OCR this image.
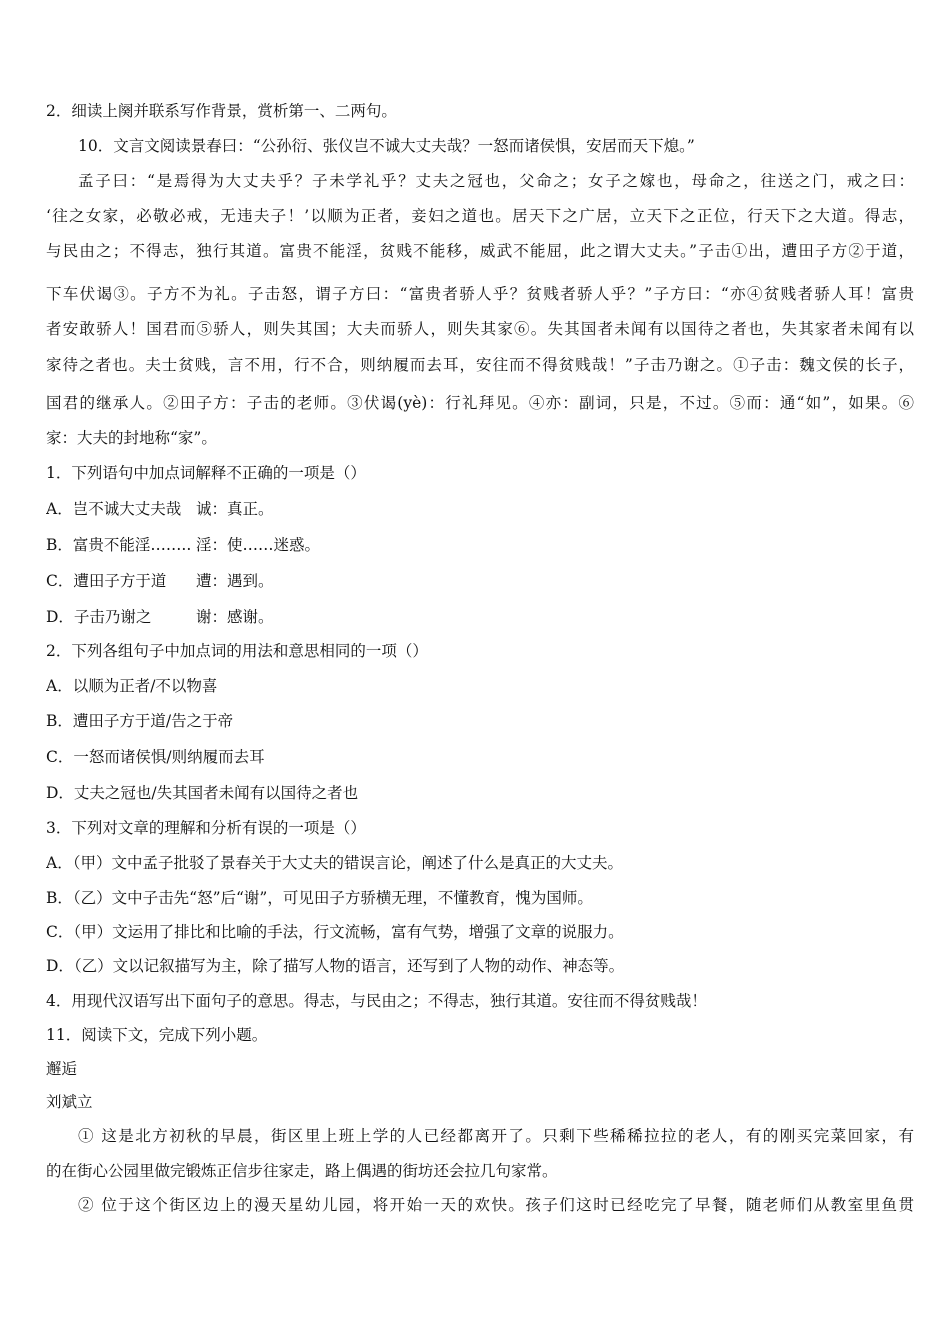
2．细读上阕并联系写作背景，赏析第一、二两句。
10．文言文阅读景春曰：“公孙衍、张仪岂不诚大丈夫哉？一怒而诸侯惧，安居而天下熄。”
孟子曰：“是焉得为大丈夫乎？子未学礼乎？丈夫之冠也，父命之；女子之嫁也，母命之，往送之门，戒之曰：
‘往之女家，必敬必戒，无违夫子！’以顺为正者，妾妇之道也。居天下之广居，立天下之正位，行天下之大道。得志，
与民由之；不得志，独行其道。富贵不能淫，贫贱不能移，威武不能屈，此之谓大丈夫。”子击①出，遭田子方②于道，
下车伏谒③。子方不为礼。子击怒，谓子方曰：“富贵者骄人乎？贫贱者骄人乎？”子方曰：“亦④贫贱者骄人耳！富贵
者安敢骄人！国君而⑤骄人，则失其国；大夫而骄人，则失其家⑥。失其国者未闻有以国待之者也，失其家者未闻有以
家待之者也。夫士贫贱，言不用，行不合，则纳履而去耳，安往而不得贫贱哉！”子击乃谢之。①子击：魏文侯的长子，
国君的继承人。②田子方：子击的老师。③伏谒(yè)：行礼拜见。④亦：副词，只是，不过。⑤而：通“如”，如果。⑥
家：大夫的封地称“家”。
1．下列语句中加点词解释不正确的一项是（）
A．岂不诚大丈夫哉 诚：真正。
B．富贵不能淫…….. 淫：使……迷惑。
C．遭田子方于道 遭：遇到。
D．子击乃谢之	谢：感谢。
2．下列各组句子中加点词的用法和意思相同的一项（）
A．以顺为正者/不以物喜
B．遭田子方于道/告之于帝
C．一怒而诸侯惧/则纳履而去耳
D．丈夫之冠也/失其国者未闻有以国待之者也
3．下列对文章的理解和分析有误的一项是（）
A．（甲）文中孟子批驳了景春关于大丈夫的错误言论，阐述了什么是真正的大丈夫。
B．（乙）文中子击先“怒”后“谢”，可见田子方骄横无理，不懂教育，愧为国师。
C．（甲）文运用了排比和比喻的手法，行文流畅，富有气势，增强了文章的说服力。
D．（乙）文以记叙描写为主，除了描写人物的语言，还写到了人物的动作、神态等。
4．用现代汉语写出下面句子的意思。得志，与民由之；不得志，独行其道。安往而不得贫贱哉！
11．阅读下文，完成下列小题。
邂逅
刘斌立
① 这是北方初秋的早晨，街区里上班上学的人已经都离开了。只剩下些稀稀拉拉的老人，有的刚买完菜回家，有
的在街心公园里做完锻炼正信步往家走，路上偶遇的街坊还会拉几句家常。
② 位于这个街区边上的漫天星幼儿园，将开始一天的欢快。孩子们这时已经吃完了早餐，随老师们从教室里鱼贯
